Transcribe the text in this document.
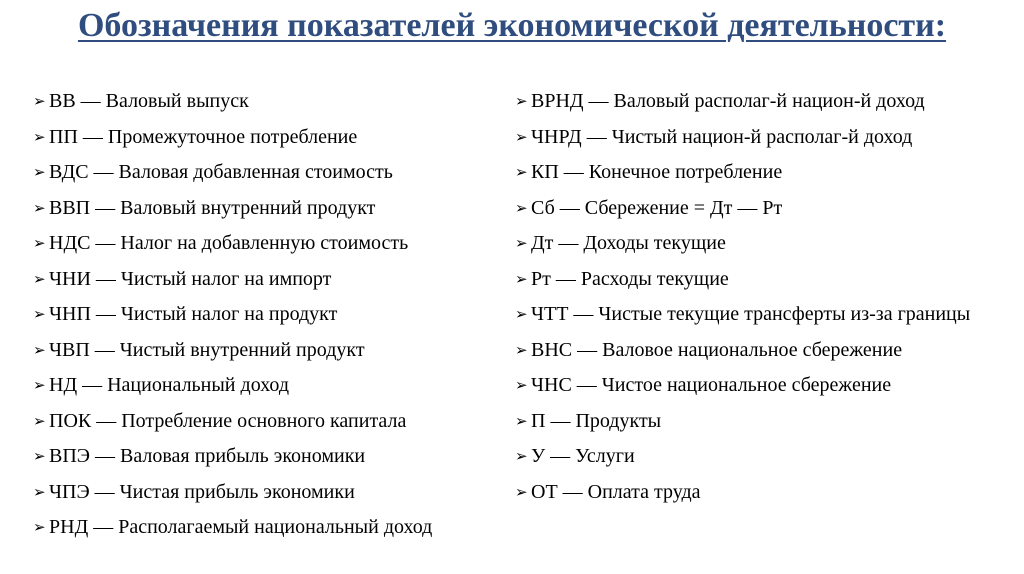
Обозначения показателей экономической деятельности:
➢ ВВ — Валовый выпуск
➢ ПП — Промежуточное потребление
➢ ВДС — Валовая добавленная стоимость
➢ ВВП — Валовый внутренний продукт
➢ НДС — Налог на добавленную стоимость
➢ ЧНИ — Чистый налог на импорт
➢ ЧНП — Чистый налог на продукт
➢ ЧВП — Чистый внутренний продукт
➢ НД — Национальный доход
➢ ПОК — Потребление основного капитала
➢ ВПЭ — Валовая прибыль экономики
➢ ЧПЭ — Чистая прибыль экономики
➢ РНД — Располагаемый национальный доход
➢ ВРНД — Валовый располаг-й национ-й доход
➢ ЧНРД — Чистый национ-й располаг-й доход
➢ КП — Конечное потребление
➢ Сб — Сбережение = Дт — Рт
➢ Дт — Доходы текущие
➢ Рт — Расходы текущие
➢ ЧТТ — Чистые текущие трансферты из-за границы
➢ ВНС — Валовое национальное сбережение
➢ ЧНС — Чистое национальное сбережение
➢ П — Продукты
➢ У — Услуги
➢ ОТ — Оплата труда
